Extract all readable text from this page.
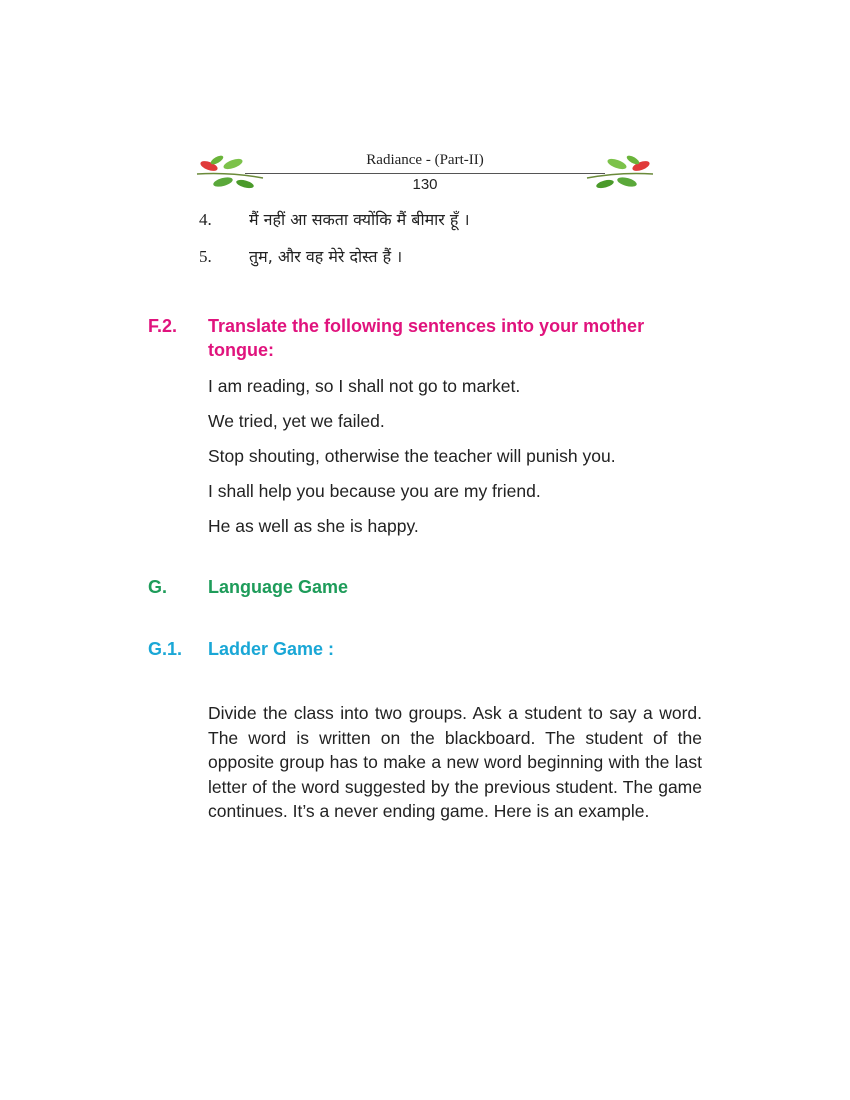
Radiance - (Part-II)
130
4. मैं नहीं आ सकता क्योंकि मैं बीमार हूँ ।
5. तुम, और वह मेरे दोस्त हैं ।
F.2. Translate the following sentences into your mother tongue:
I am reading, so I shall not go to market.
We tried, yet we failed.
Stop shouting, otherwise the teacher will punish you.
I shall help you because you are my friend.
He as well as she is happy.
G. Language Game
G.1. Ladder Game :
Divide the class into two groups. Ask a student to say a word. The word is written on the blackboard. The student of the opposite group has to make a new word beginning with the last letter of the word suggested by the previous student. The game continues. It’s a never ending game. Here is an example.
